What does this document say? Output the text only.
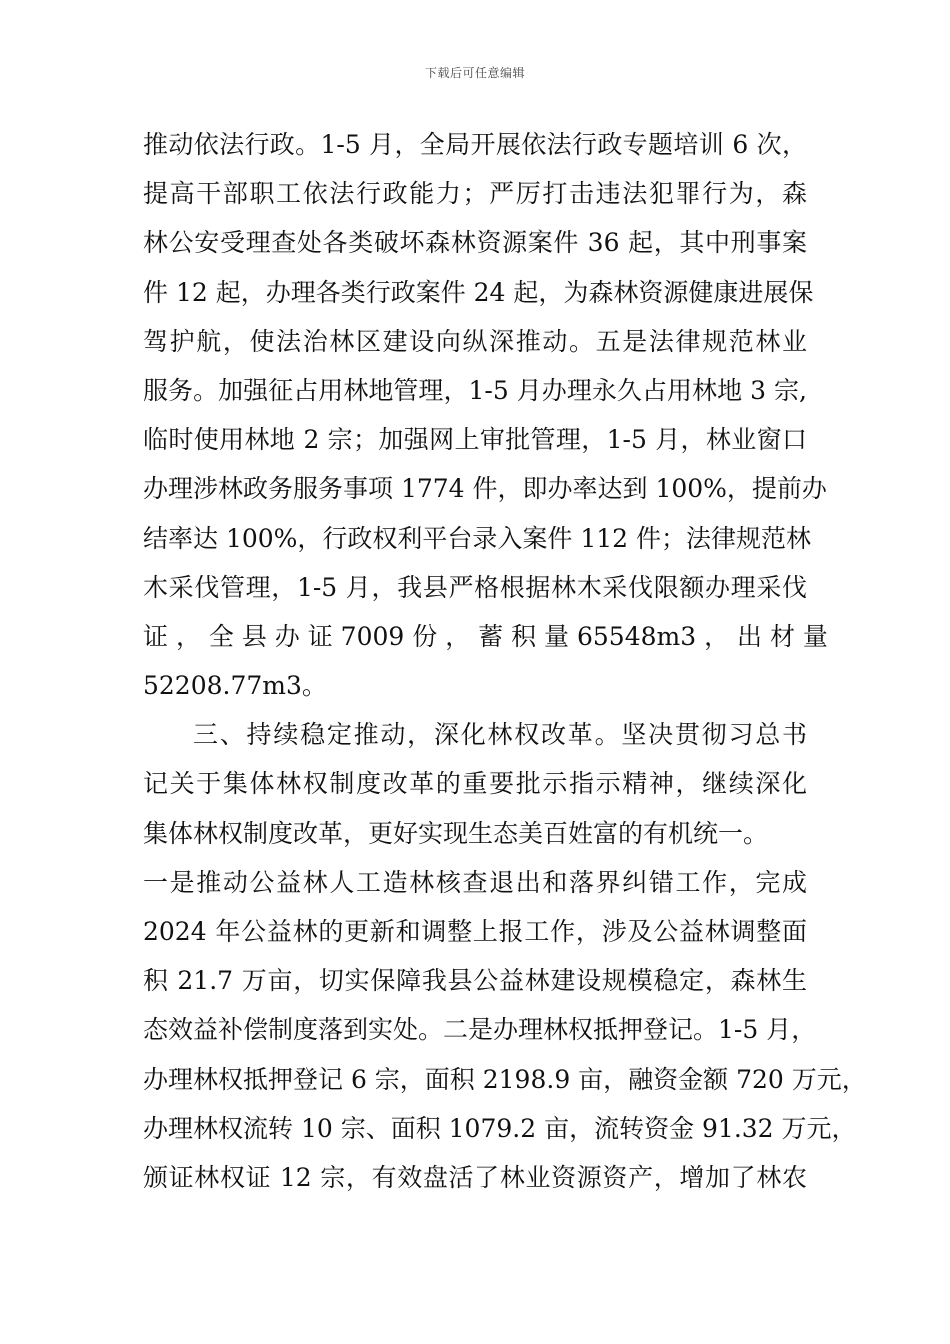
下载后可任意编辑
推动依法行政。1-5 月，全局开展依法行政专题培训 6 次，
提高干部职工依法行政能力；严厉打击违法犯罪行为，森
林公安受理查处各类破坏森林资源案件 36 起，其中刑事案
件 12 起，办理各类行政案件 24 起，为森林资源健康进展保
驾护航，使法治林区建设向纵深推动。五是法律规范林业
服务。加强征占用林地管理，1-5 月办理永久占用林地 3 宗,
临时使用林地 2 宗；加强网上审批管理，1-5 月，林业窗口
办理涉林政务服务事项 1774 件，即办率达到 100%，提前办
结率达 100%，行政权利平台录入案件 112 件；法律规范林
木采伐管理，1-5 月，我县严格根据林木采伐限额办理采伐
证 ， 全 县 办 证 7009 份 ， 蓄 积 量 65548m3 ， 出 材 量
52208.77m3。
三、持续稳定推动，深化林权改革。坚决贯彻习总书
记关于集体林权制度改革的重要批示指示精神，继续深化
集体林权制度改革，更好实现生态美百姓富的有机统一。
一是推动公益林人工造林核查退出和落界纠错工作，完成
2024 年公益林的更新和调整上报工作，涉及公益林调整面
积 21.7 万亩，切实保障我县公益林建设规模稳定，森林生
态效益补偿制度落到实处。二是办理林权抵押登记。1-5 月，
办理林权抵押登记 6 宗，面积 2198.9 亩，融资金额 720 万元，
办理林权流转 10 宗、面积 1079.2 亩，流转资金 91.32 万元，
颁证林权证 12 宗，有效盘活了林业资源资产，增加了林农
